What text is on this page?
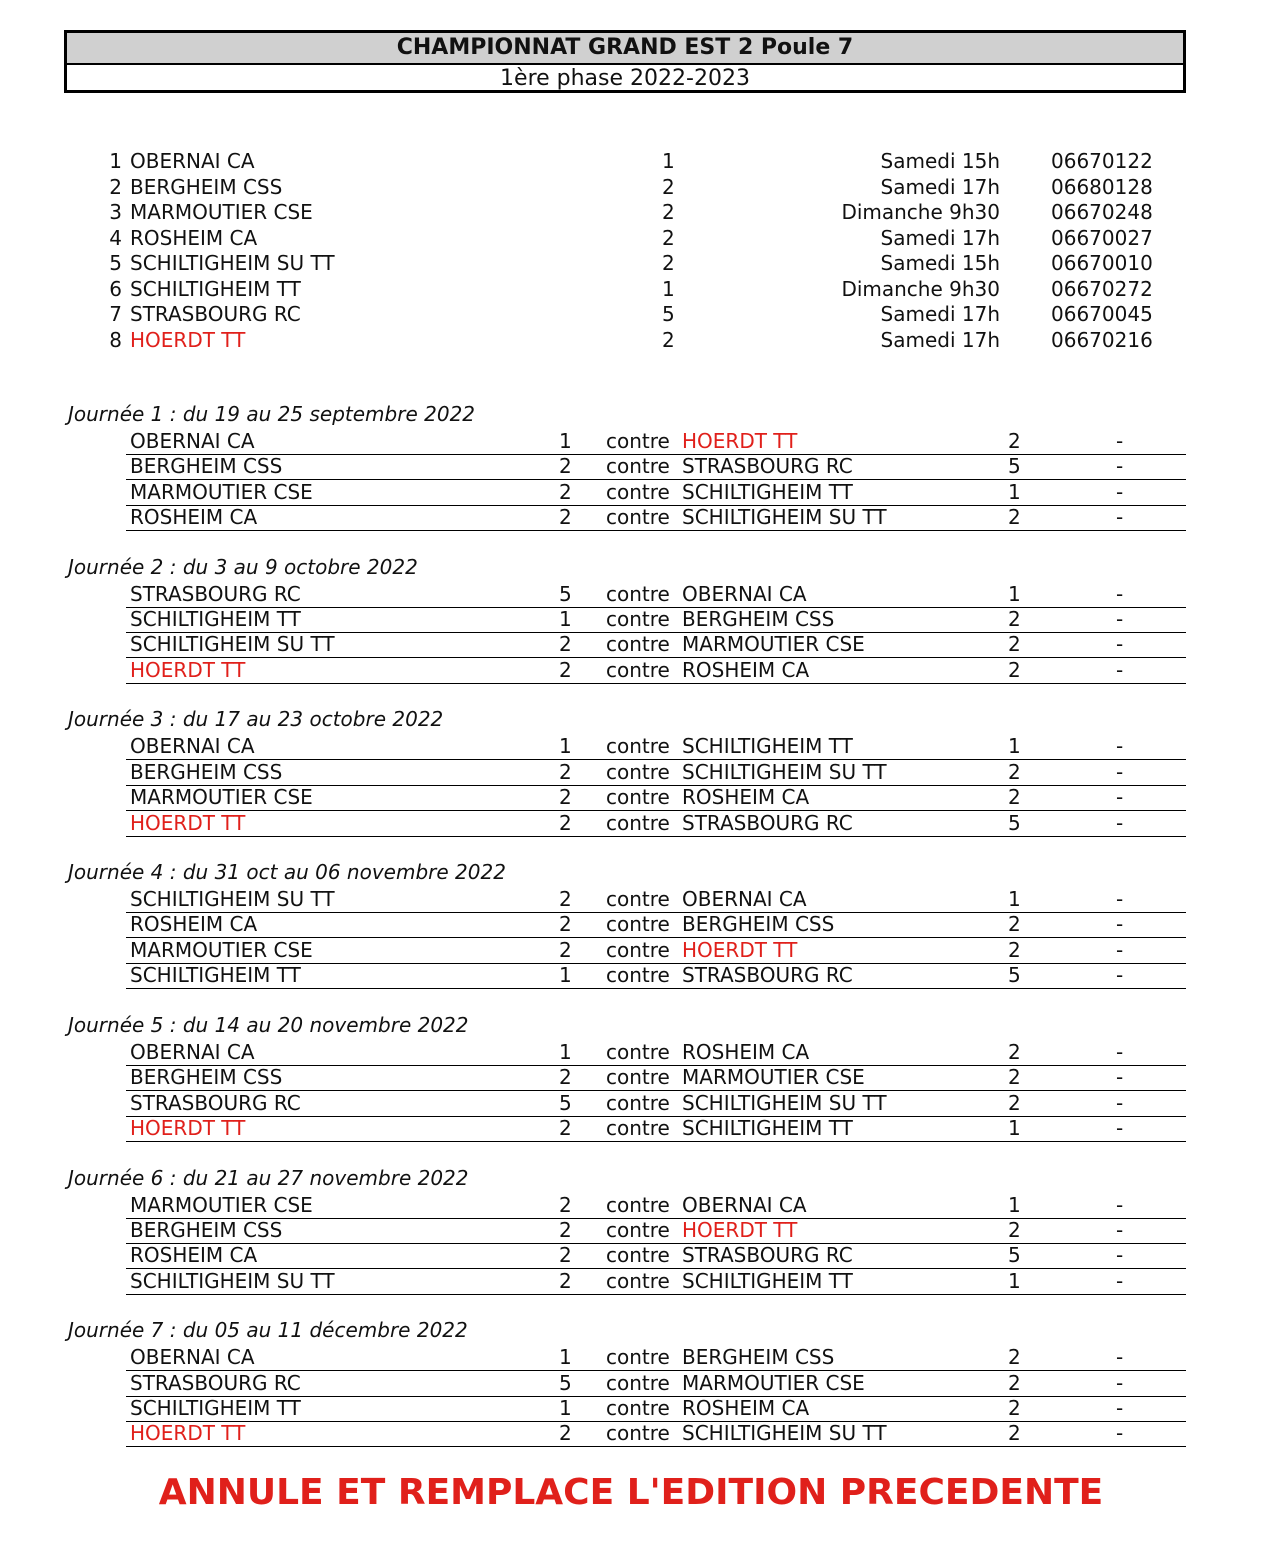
CHAMPIONNAT GRAND EST 2 Poule 7
1ère phase 2022-2023
1 OBERNAI CA	1	Samedi 15h	06670122
2 BERGHEIM CSS	2	Samedi 17h	06680128
3 MARMOUTIER CSE	2	Dimanche 9h30	06670248
4 ROSHEIM CA	2	Samedi 17h	06670027
5 SCHILTIGHEIM SU TT	2	Samedi 15h	06670010
6 SCHILTIGHEIM TT	1	Dimanche 9h30	06670272
7 STRASBOURG RC	5	Samedi 17h	06670045
8 HOERDT TT	2	Samedi 17h	06670216
Journée 1 : du 19 au 25 septembre 2022
OBERNAI CA	1 contre HOERDT TT	2	-
BERGHEIM CSS	2 contre STRASBOURG RC	5	-
MARMOUTIER CSE	2 contre SCHILTIGHEIM TT	1	-
ROSHEIM CA	2 contre SCHILTIGHEIM SU TT	2	-
Journée 2 : du 3 au 9 octobre 2022
STRASBOURG RC	5 contre OBERNAI CA	1	-
SCHILTIGHEIM TT	1 contre BERGHEIM CSS	2	-
SCHILTIGHEIM SU TT	2 contre MARMOUTIER CSE	2	-
HOERDT TT	2 contre ROSHEIM CA	2	-
Journée 3 : du 17 au 23 octobre 2022
OBERNAI CA	1 contre SCHILTIGHEIM TT	1	-
BERGHEIM CSS	2 contre SCHILTIGHEIM SU TT	2	-
MARMOUTIER CSE	2 contre ROSHEIM CA	2	-
HOERDT TT	2 contre STRASBOURG RC	5	-
Journée 4 : du 31 oct au 06 novembre 2022
SCHILTIGHEIM SU TT	2 contre OBERNAI CA	1	-
ROSHEIM CA	2 contre BERGHEIM CSS	2	-
MARMOUTIER CSE	2 contre HOERDT TT	2	-
SCHILTIGHEIM TT	1 contre STRASBOURG RC	5	-
Journée 5 : du 14 au 20 novembre 2022
OBERNAI CA	1 contre ROSHEIM CA	2	-
BERGHEIM CSS	2 contre MARMOUTIER CSE	2	-
STRASBOURG RC	5 contre SCHILTIGHEIM SU TT	2	-
HOERDT TT	2 contre SCHILTIGHEIM TT	1	-
Journée 6 : du 21 au 27 novembre 2022
MARMOUTIER CSE	2 contre OBERNAI CA	1	-
BERGHEIM CSS	2 contre HOERDT TT	2	-
ROSHEIM CA	2 contre STRASBOURG RC	5	-
SCHILTIGHEIM SU TT	2 contre SCHILTIGHEIM TT	1	-
Journée 7 : du 05 au 11 décembre 2022
OBERNAI CA	1 contre BERGHEIM CSS	2	-
STRASBOURG RC	5 contre MARMOUTIER CSE	2	-
SCHILTIGHEIM TT	1 contre ROSHEIM CA	2	-
HOERDT TT	2 contre SCHILTIGHEIM SU TT	2	-
ANNULE ET REMPLACE L'EDITION PRECEDENTE
